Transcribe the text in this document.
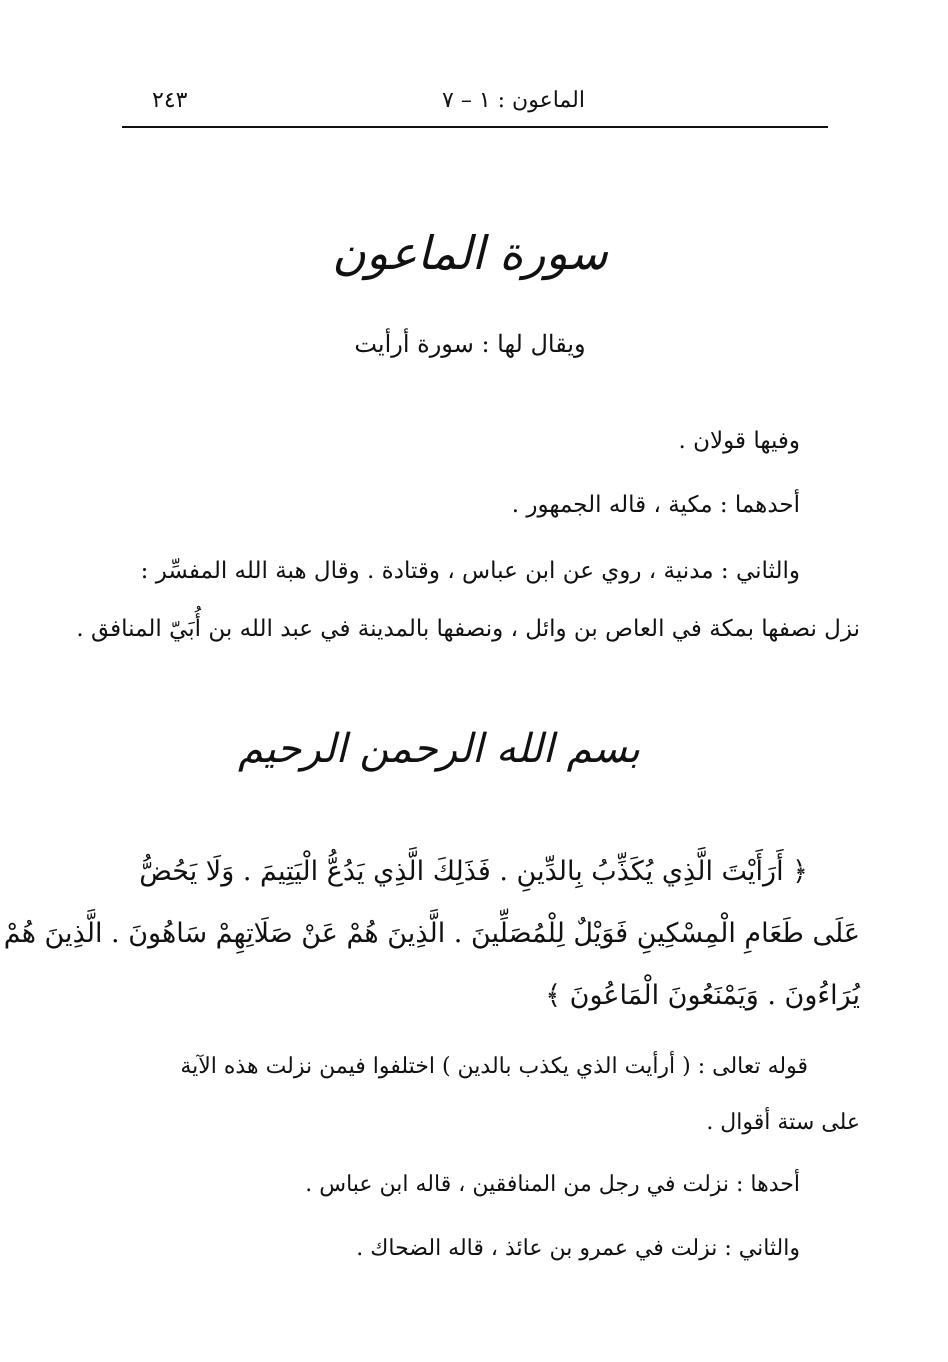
الماعون : ١ – ٧
٢٤٣
سورة الماعون
ويقال لها : سورة أرأيت
وفيها قولان .
أحدهما : مكية ، قاله الجمهور .
والثاني : مدنية ، روي عن ابن عباس ، وقتادة . وقال هبة الله المفسِّر :
نزل نصفها بمكة في العاص بن وائل ، ونصفها بالمدينة في عبد الله بن أُبَيّ المنافق .
بسم الله الرحمن الرحيم
﴿ أَرَأَيْتَ الَّذِي يُكَذِّبُ بِالدِّينِ . فَذَلِكَ الَّذِي يَدُعُّ الْيَتِيمَ . وَلَا يَحُضُّ
عَلَى طَعَامِ الْمِسْكِينِ فَوَيْلٌ لِلْمُصَلِّينَ . الَّذِينَ هُمْ عَنْ صَلَاتِهِمْ سَاهُونَ . الَّذِينَ هُمْ
يُرَاءُونَ . وَيَمْنَعُونَ الْمَاعُونَ ﴾
قوله تعالى : ( أرأيت الذي يكذب بالدين ) اختلفوا فيمن نزلت هذه الآية
على ستة أقوال .
أحدها : نزلت في رجل من المنافقين ، قاله ابن عباس .
والثاني : نزلت في عمرو بن عائذ ، قاله الضحاك .
